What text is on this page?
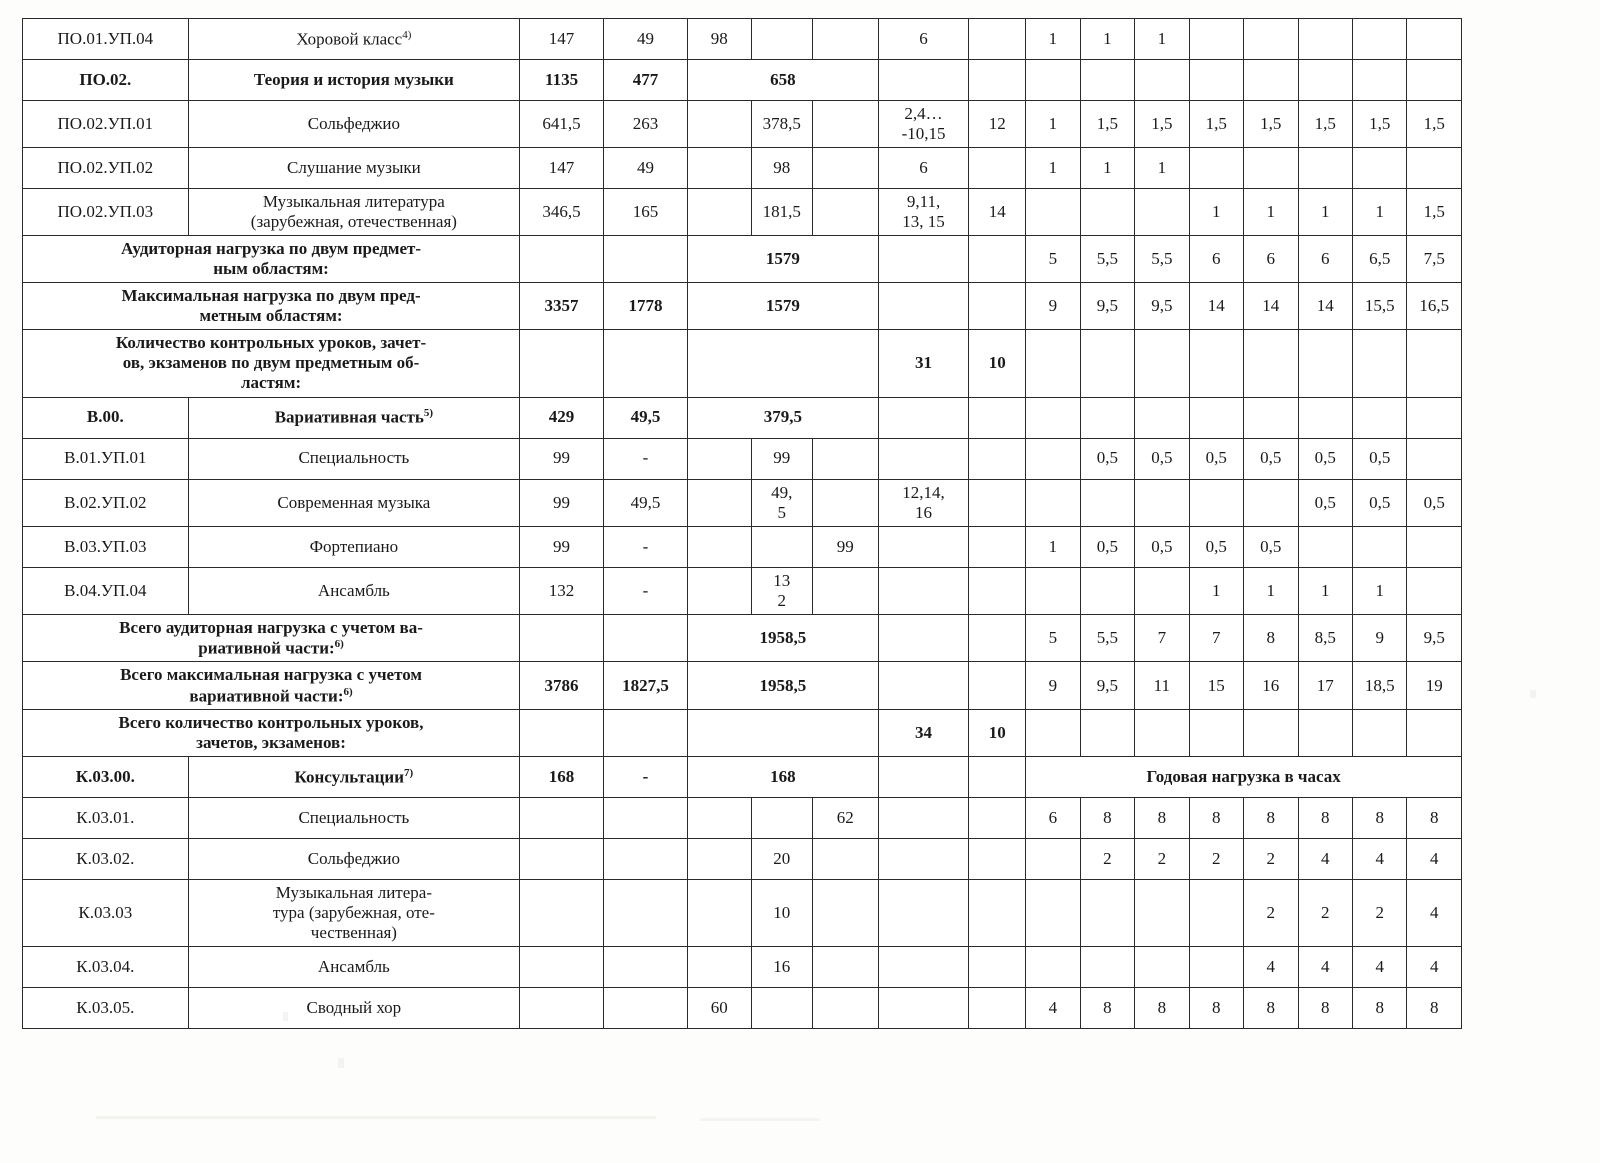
ПО.01.УП.04	Хоровой класс$^{4)}$	147	49	98			6		1	1	1					
ПО.02.	Теория и история музыки	1135	477	658												
ПО.02.УП.01	Сольфеджио	641,5	263		378,5		2,4…
-10,15	12	1	1,5	1,5	1,5	1,5	1,5	1,5	1,5
ПО.02.УП.02	Слушание музыки	147	49		98		6		1	1	1					
ПО.02.УП.03	Музыкальная литература
(зарубежная, отечественная)	346,5	165		181,5		9,11,
13, 15	14				1	1	1	1	1,5
Аудиторная нагрузка по двум предмет-
ным областям:				1579					5	5,5	5,5	6	6	6	6,5	7,5
Максимальная нагрузка по двум пред-
метным областям:		3357	1778	1579					9	9,5	9,5	14	14	14	15,5	16,5
Количество контрольных уроков, зачет-
ов, экзаменов по двум предметным об-
ластям:							31	10								
В.00.	Вариативная часть$^{5)}$	429	49,5	379,5												
В.01.УП.01	Специальность	99	-		99					0,5	0,5	0,5	0,5	0,5	0,5	
В.02.УП.02	Современная музыка	99	49,5		49,
5		12,14,
16							0,5	0,5	0,5
В.03.УП.03	Фортепиано	99	-			99			1	0,5	0,5	0,5	0,5			
В.04.УП.04	Ансамбль	132	-		13
2							1	1	1	1	
Всего аудиторная нагрузка с учетом ва-
риативной части:$^{6)}$				1958,5					5	5,5	7	7	8	8,5	9	9,5
Всего максимальная нагрузка с учетом
вариативной части:$^{6)}$		3786	1827,5	1958,5					9	9,5	11	15	16	17	18,5	19
Всего количество контрольных уроков,
зачетов, экзаменов:							34	10								
К.03.00.	Консультации$^{7)}$	168	-	168					Годовая нагрузка в часах							
К.03.01.	Специальность					62			6	8	8	8	8	8	8	8
К.03.02.	Сольфеджио				20					2	2	2	2	4	4	4
К.03.03	Музыкальная литера-
тура (зарубежная, оте-
чественная)				10								2	2	2	4
К.03.04.	Ансамбль				16								4	4	4	4
К.03.05.	Сводный хор			60					4	8	8	8	8	8	8	8
